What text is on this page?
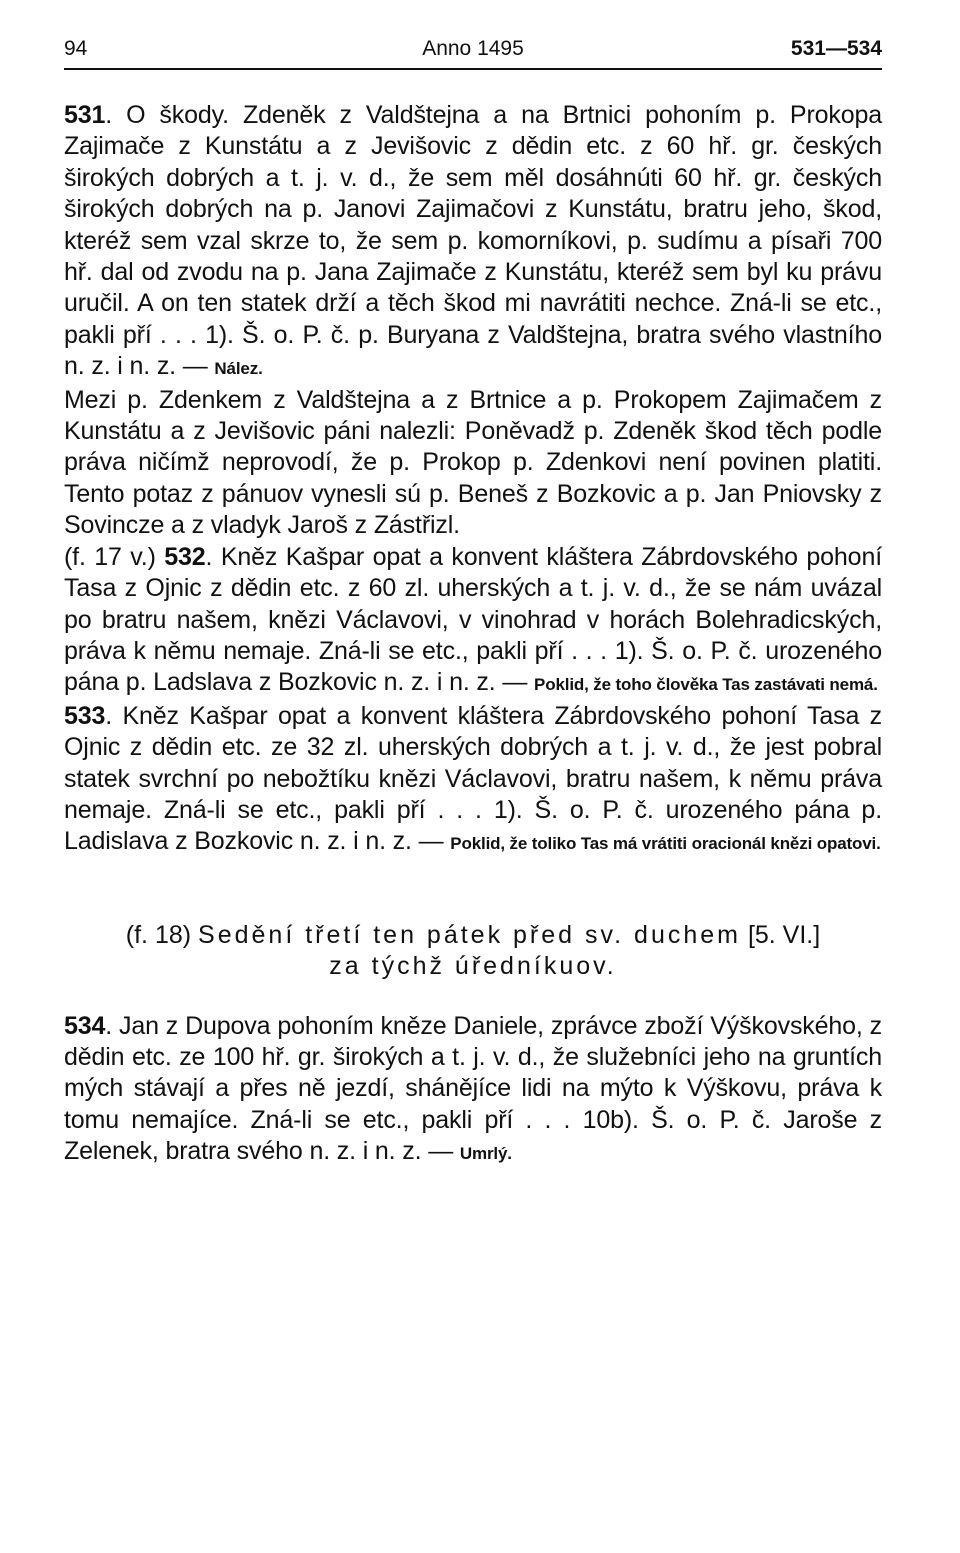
94	Anno 1495	531—534

531. O škody. Zdeněk z Valdštejna a na Brtnici pohoním p. Prokopa Zajimače z Kunstátu a z Jevišovic z dědin etc. z 60 hř. gr. českých širokých dobrých a t. j. v. d., že sem měl dosáhnúti 60 hř. gr. českých širokých dobrých na p. Janovi Zajimačovi z Kunstátu, bratru jeho, škod, kteréž sem vzal skrze to, že sem p. komorníkovi, p. sudímu a písaři 700 hř. dal od zvodu na p. Jana Zajimače z Kunstátu, kteréž sem byl ku právu uručil. A on ten statek drží a těch škod mi navrátiti nechce. Zná-li se etc., pakli pří . . . 1). Š. o. P. č. p. Buryana z Valdštejna, bratra svého vlastního n. z. i n. z. — Nález.

Mezi p. Zdenkem z Valdštejna a z Brtnice a p. Prokopem Zajimačem z Kunstátu a z Jevišovic páni nalezli: Poněvadž p. Zdeněk škod těch podle práva ničímž neprovodí, že p. Prokop p. Zdenkovi není povinen platiti. Tento potaz z pánuov vynesli sú p. Beneš z Bozkovic a p. Jan Pniovsky z Sovincze a z vladyk Jaroš z Zástřizl.

(f. 17 v.) 532. Kněz Kašpar opat a konvent kláštera Zábrdovského pohoní Tasa z Ojnic z dědin etc. z 60 zl. uherských a t. j. v. d., že se nám uvázal po bratru našem, knězi Václavovi, v vinohrad v horách Bolehradicských, práva k němu nemaje. Zná-li se etc., pakli pří . . . 1). Š. o. P. č. urozeného pána p. Ladslava z Bozkovic n. z. i n. z. — Poklid, že toho člověka Tas zastávati nemá.

533. Kněz Kašpar opat a konvent kláštera Zábrdovského pohoní Tasa z Ojnic z dědin etc. ze 32 zl. uherských dobrých a t. j. v. d., že jest pobral statek svrchní po nebožtíku knězi Václavovi, bratru našem, k němu práva nemaje. Zná-li se etc., pakli pří . . . 1). Š. o. P. č. urozeného pána p. Ladislava z Bozkovic n. z. i n. z. — Poklid, že toliko Tas má vrátiti oracionál knězi opatovi.

(f. 18) Sedění třetí ten pátek před sv. duchem [5. VI.]
za týchž úředníkuov.

534. Jan z Dupova pohoním kněze Daniele, zprávce zboží Výškovského, z dědin etc. ze 100 hř. gr. širokých a t. j. v. d., že služebníci jeho na gruntích mých stávají a přes ně jezdí, shánějíce lidi na mýto k Výškovu, práva k tomu nemajíce. Zná-li se etc., pakli pří . . . 10b). Š. o. P. č. Jaroše z Zelenek, bratra svého n. z. i n. z. — Umrlý.
